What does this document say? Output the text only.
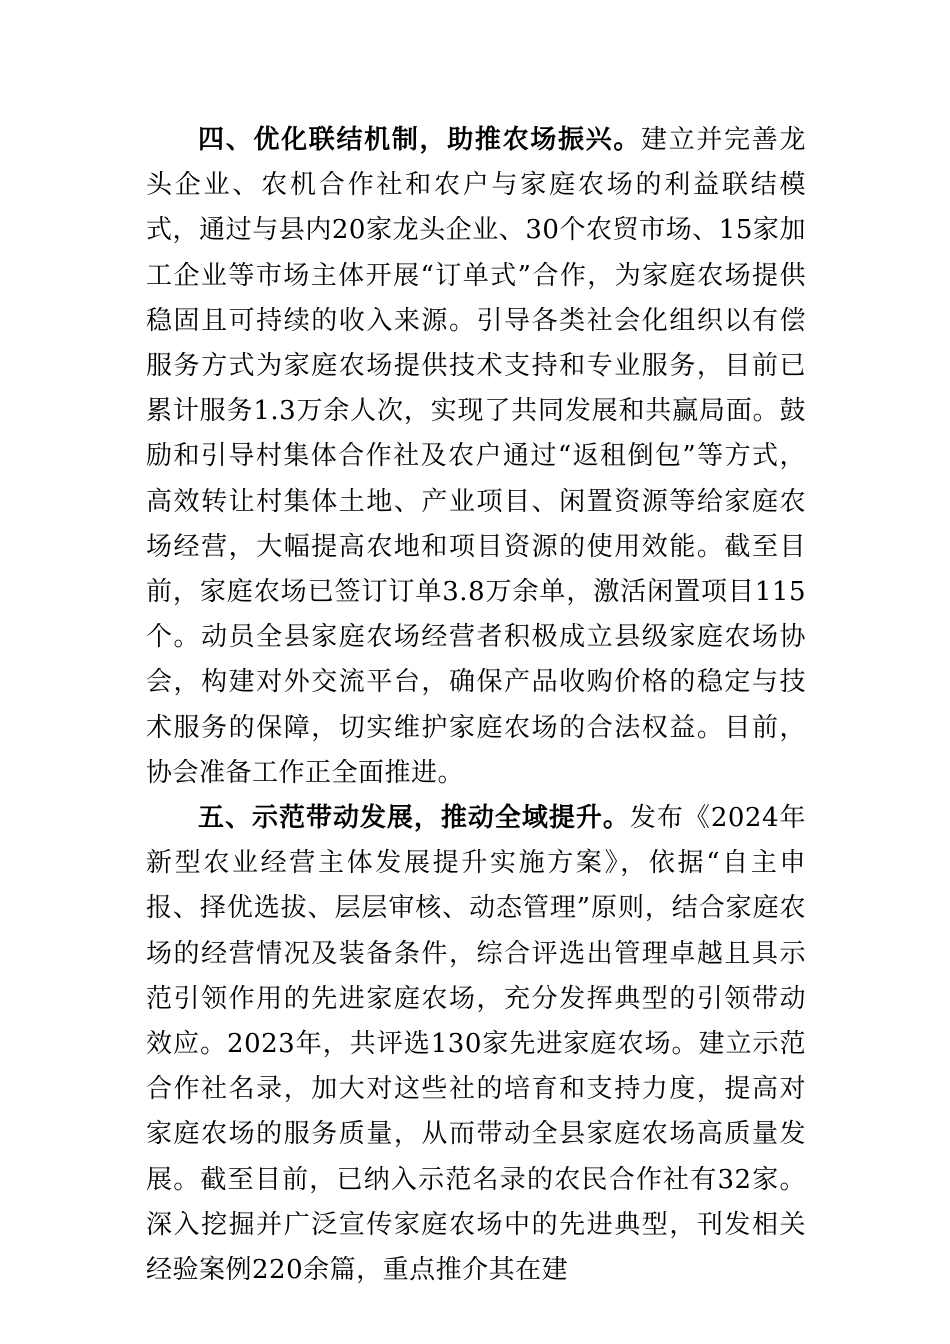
四、优化联结机制，助推农场振兴。建立并完善龙头企业、农机合作社和农户与家庭农场的利益联结模式，通过与县内20家龙头企业、30个农贸市场、15家加工企业等市场主体开展“订单式”合作，为家庭农场提供稳固且可持续的收入来源。引导各类社会化组织以有偿服务方式为家庭农场提供技术支持和专业服务，目前已累计服务1.3万余人次，实现了共同发展和共赢局面。鼓励和引导村集体合作社及农户通过“返租倒包”等方式，高效转让村集体土地、产业项目、闲置资源等给家庭农场经营，大幅提高农地和项目资源的使用效能。截至目前，家庭农场已签订订单3.8万余单，激活闲置项目115个。动员全县家庭农场经营者积极成立县级家庭农场协会，构建对外交流平台，确保产品收购价格的稳定与技术服务的保障，切实维护家庭农场的合法权益。目前，协会准备工作正全面推进。

五、示范带动发展，推动全域提升。发布《2024年新型农业经营主体发展提升实施方案》，依据“自主申报、择优选拔、层层审核、动态管理”原则，结合家庭农场的经营情况及装备条件，综合评选出管理卓越且具示范引领作用的先进家庭农场，充分发挥典型的引领带动效应。2023年，共评选130家先进家庭农场。建立示范合作社名录，加大对这些社的培育和支持力度，提高对家庭农场的服务质量，从而带动全县家庭农场高质量发展。截至目前，已纳入示范名录的农民合作社有32家。深入挖掘并广泛宣传家庭农场中的先进典型，刊发相关经验案例220余篇，重点推介其在建
